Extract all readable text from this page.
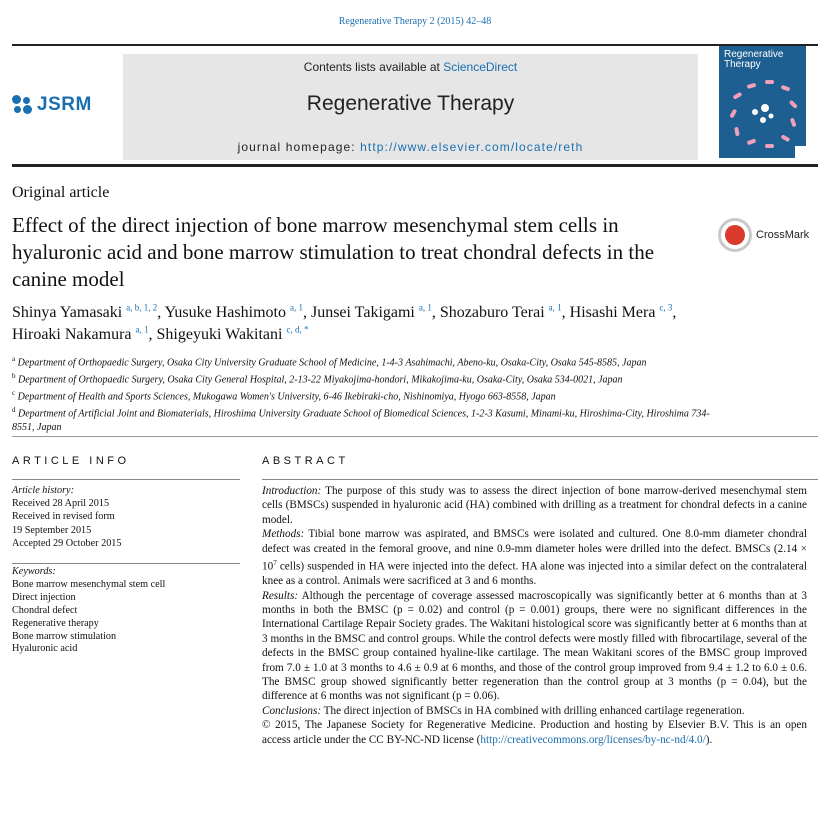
Regenerative Therapy 2 (2015) 42–48
JSRM
Contents lists available at ScienceDirect
Regenerative Therapy
journal homepage: http://www.elsevier.com/locate/reth
Regenerative Therapy
Original article
Effect of the direct injection of bone marrow mesenchymal stem cells in hyaluronic acid and bone marrow stimulation to treat chondral defects in the canine model
CrossMark
Shinya Yamasaki $^{a, b, 1, 2}$, Yusuke Hashimoto $^{a, 1}$, Junsei Takigami $^{a, 1}$, Shozaburo Terai $^{a, 1}$, Hisashi Mera $^{c, 3}$, Hiroaki Nakamura $^{a, 1}$, Shigeyuki Wakitani $^{c, d, *}$
$^a$ Department of Orthopaedic Surgery, Osaka City University Graduate School of Medicine, 1-4-3 Asahimachi, Abeno-ku, Osaka-City, Osaka 545-8585, Japan
$^b$ Department of Orthopaedic Surgery, Osaka City General Hospital, 2-13-22 Miyakojima-hondori, Mikakojima-ku, Osaka-City, Osaka 534-0021, Japan
$^c$ Department of Health and Sports Sciences, Mukogawa Women's University, 6-46 Ikebiraki-cho, Nishinomiya, Hyogo 663-8558, Japan
$^d$ Department of Artificial Joint and Biomaterials, Hiroshima University Graduate School of Biomedical Sciences, 1-2-3 Kasumi, Minami-ku, Hiroshima-City, Hiroshima 734-8551, Japan
ARTICLE INFO
Article history:
Received 28 April 2015
Received in revised form
19 September 2015
Accepted 29 October 2015
Keywords:
Bone marrow mesenchymal stem cell
Direct injection
Chondral defect
Regenerative therapy
Bone marrow stimulation
Hyaluronic acid
ABSTRACT

Introduction: The purpose of this study was to assess the direct injection of bone marrow-derived mesenchymal stem cells (BMSCs) suspended in hyaluronic acid (HA) combined with drilling as a treatment for chondral defects in a canine model.

Methods: Tibial bone marrow was aspirated, and BMSCs were isolated and cultured. One 8.0-mm diameter chondral defect was created in the femoral groove, and nine 0.9-mm diameter holes were drilled into the defect. BMSCs ($2.14 \times 10^7$ cells) suspended in HA were injected into the defect. HA alone was injected into a similar defect on the contralateral knee as a control. Animals were sacrificed at 3 and 6 months.

Results: Although the percentage of coverage assessed macroscopically was significantly better at 6 months than at 3 months in both the BMSC (p = 0.02) and control (p = 0.001) groups, there were no significant differences in the International Cartilage Repair Society grades. The Wakitani histological score was significantly better at 6 months than at 3 months in the BMSC and control groups. While the control defects were mostly filled with fibrocartilage, several of the defects in the BMSC group contained hyaline-like cartilage. The mean Wakitani scores of the BMSC group improved from 7.0 ± 1.0 at 3 months to 4.6 ± 0.9 at 6 months, and those of the control group improved from 9.4 ± 1.2 to 6.0 ± 0.6. The BMSC group showed significantly better regeneration than the control group at 3 months (p = 0.04), but the difference at 6 months was not significant (p = 0.06).

Conclusions: The direct injection of BMSCs in HA combined with drilling enhanced cartilage regeneration.

© 2015, The Japanese Society for Regenerative Medicine. Production and hosting by Elsevier B.V. This is an open access article under the CC BY-NC-ND license (http://creativecommons.org/licenses/by-nc-nd/4.0/).
